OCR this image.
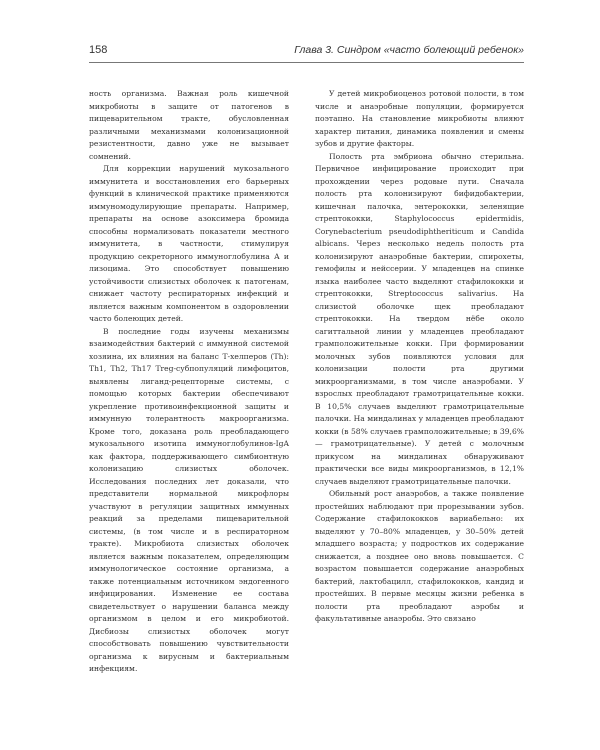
158	Глава 3. Синдром «часто болеющий ребенок»

ность организма. Важная роль кишечной микробиоты в защите от патогенов в пищеварительном тракте, обусловленная различными механизмами колонизационной резистентности, давно уже не вызывает сомнений.

Для коррекции нарушений мукозального иммунитета и восстановления его барьерных функций в клинической практике применяются иммуномодулирующие препараты. Например, препараты на основе азоксимера бромида способны нормализовать показатели местного иммунитета, в частности, стимулируя продукцию секреторного иммуноглобулина А и лизоцима. Это способствует повышению устойчивости слизистых оболочек к патогенам, снижает частоту респираторных инфекций и является важным компонентом в оздоровлении часто болеющих детей.

В последние годы изучены механизмы взаимодействия бактерий с иммунной системой хозяина, их влияния на баланс Т-хелперов (Th): Th1, Th2, Th17 Treg-субпопуляций лимфоцитов, выявлены лиганд-рецепторные системы, с помощью которых бактерии обеспечивают укрепление противоинфекционной защиты и иммунную толерантность макроорганизма. Кроме того, доказана роль преобладающего мукозального изотипа иммуноглобулинов-IgA как фактора, поддерживающего симбионтную колонизацию слизистых оболочек. Исследования последних лет доказали, что представители нормальной микрофлоры участвуют в регуляции защитных иммунных реакций за пределами пищеварительной системы, (в том числе и в респираторном тракте). Микробиота слизистых оболочек является важным показателем, определяющим иммунологическое состояние организма, а также потенциальным источником эндогенного инфицирования. Изменение ее состава свидетельствует о нарушении баланса между организмом в целом и его микробиотой. Дисбиозы слизистых оболочек могут способствовать повышению чувствительности организма к вирусным и бактериальным инфекциям.

У детей микробиоценоз ротовой полости, в том числе и анаэробные популяции, формируется поэтапно. На становление микробиоты влияют характер питания, динамика появления и смены зубов и другие факторы.

Полость рта эмбриона обычно стерильна. Первичное инфицирование происходит при прохождении через родовые пути. Сначала полость рта колонизируют бифидобактерии, кишечная палочка, энтерококки, зеленящие стрептококки, Staphylococcus epidermidis, Corynebacterium pseudodiphtheriticum и Candida albicans. Через несколько недель полость рта колонизируют анаэробные бактерии, спирохеты, гемофилы и нейссерии. У младенцев на спинке языка наиболее часто выделяют стафилококки и стрептококки, Streptococcus salivarius. На слизистой оболочке щек преобладают стрептококки. На твердом нёбе около сагиттальной линии у младенцев преобладают грамположительные кокки. При формировании молочных зубов появляются условия для колонизации полости рта другими микроорганизмами, в том числе анаэробами. У взрослых преобладают грамотрицательные кокки. В 10,5% случаев выделяют грамотрицательные палочки. На миндалинах у младенцев преобладают кокки (в 58% случаев грамположительные; в 39,6% — грамотрицательные). У детей с молочным прикусом на миндалинах обнаруживают практически все виды микроорганизмов, в 12,1% случаев выделяют грамотрицательные палочки.

Обильный рост анаэробов, а также появление простейших наблюдают при прорезывании зубов. Содержание стафилококков вариабельно: их выделяют у 70–80% младенцев, у 30–50% детей младшего возраста; у подростков их содержание снижается, а позднее оно вновь повышается. С возрастом повышается содержание анаэробных бактерий, лактобацилл, стафилококков, кандид и простейших. В первые месяцы жизни ребенка в полости рта преобладают аэробы и факультативные анаэробы. Это связано
